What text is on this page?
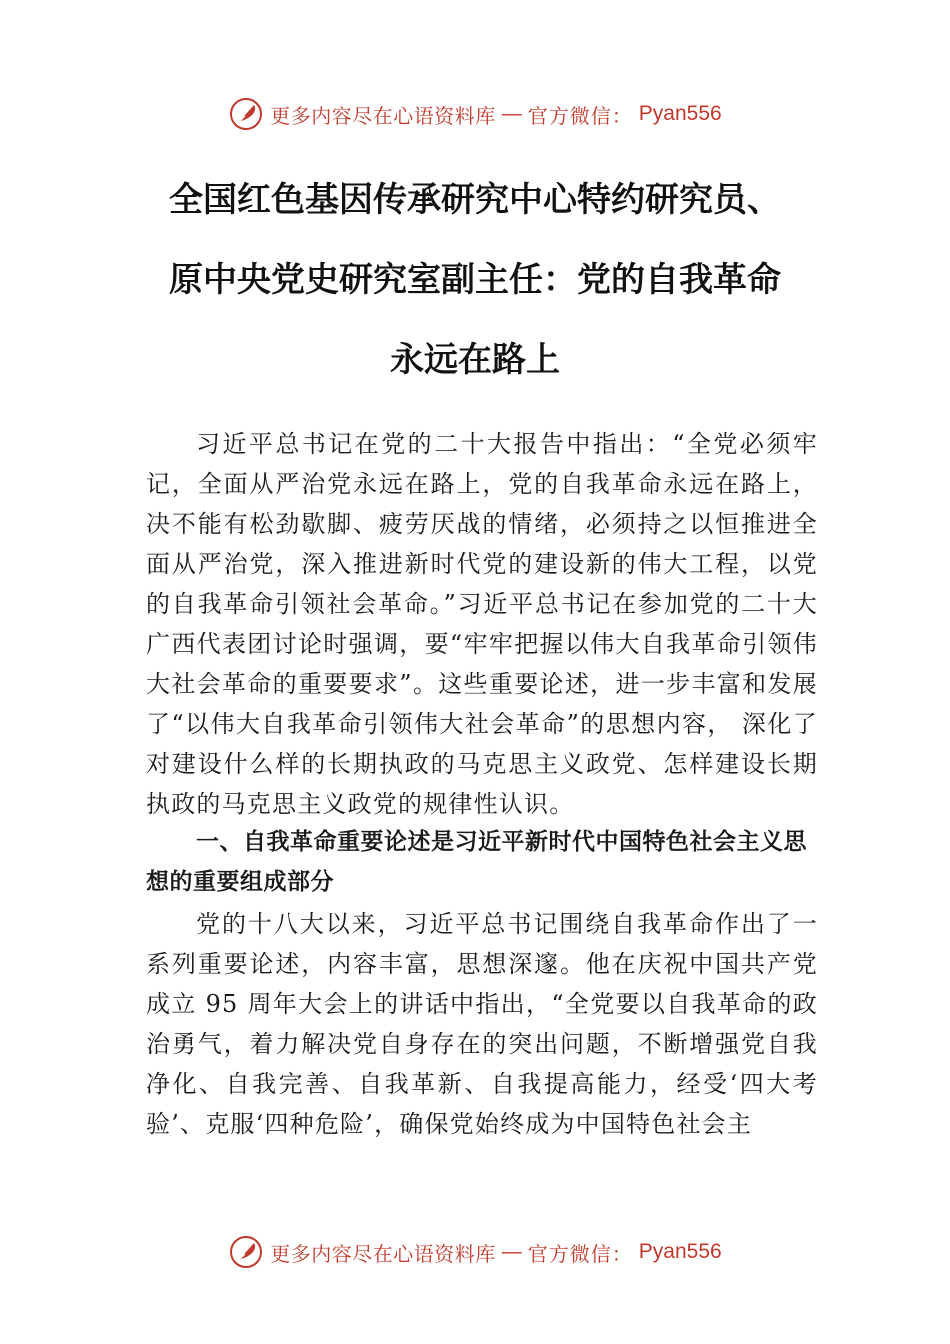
更多内容尽在心语资料库 — 官方微信： Pyan556
全国红色基因传承研究中心特约研究员、
原中央党史研究室副主任：党的自我革命
永远在路上
习近平总书记在党的二十大报告中指出：“全党必须牢记，全面从严治党永远在路上，党的自我革命永远在路上， 决不能有松劲歇脚、疲劳厌战的情绪，必须持之以恒推进全面从严治党，深入推进新时代党的建设新的伟大工程，以党的自我革命引领社会革命。”习近平总书记在参加党的二十大广西代表团讨论时强调，要“牢牢把握以伟大自我革命引领伟大社会革命的重要要求”。这些重要论述，进一步丰富和发展了“以伟大自我革命引领伟大社会革命”的思想内容， 深化了对建设什么样的长期执政的马克思主义政党、怎样建设长期执政的马克思主义政党的规律性认识。
一、自我革命重要论述是习近平新时代中国特色社会主义思想的重要组成部分
党的十八大以来，习近平总书记围绕自我革命作出了一系列重要论述，内容丰富，思想深邃。他在庆祝中国共产党成立 95 周年大会上的讲话中指出，“全党要以自我革命的政治勇气，着力解决党自身存在的突出问题，不断增强党自我净化、自我完善、自我革新、自我提高能力，经受‘四大考验’、克服‘四种危险’，确保党始终成为中国特色社会主
更多内容尽在心语资料库 — 官方微信： Pyan556
